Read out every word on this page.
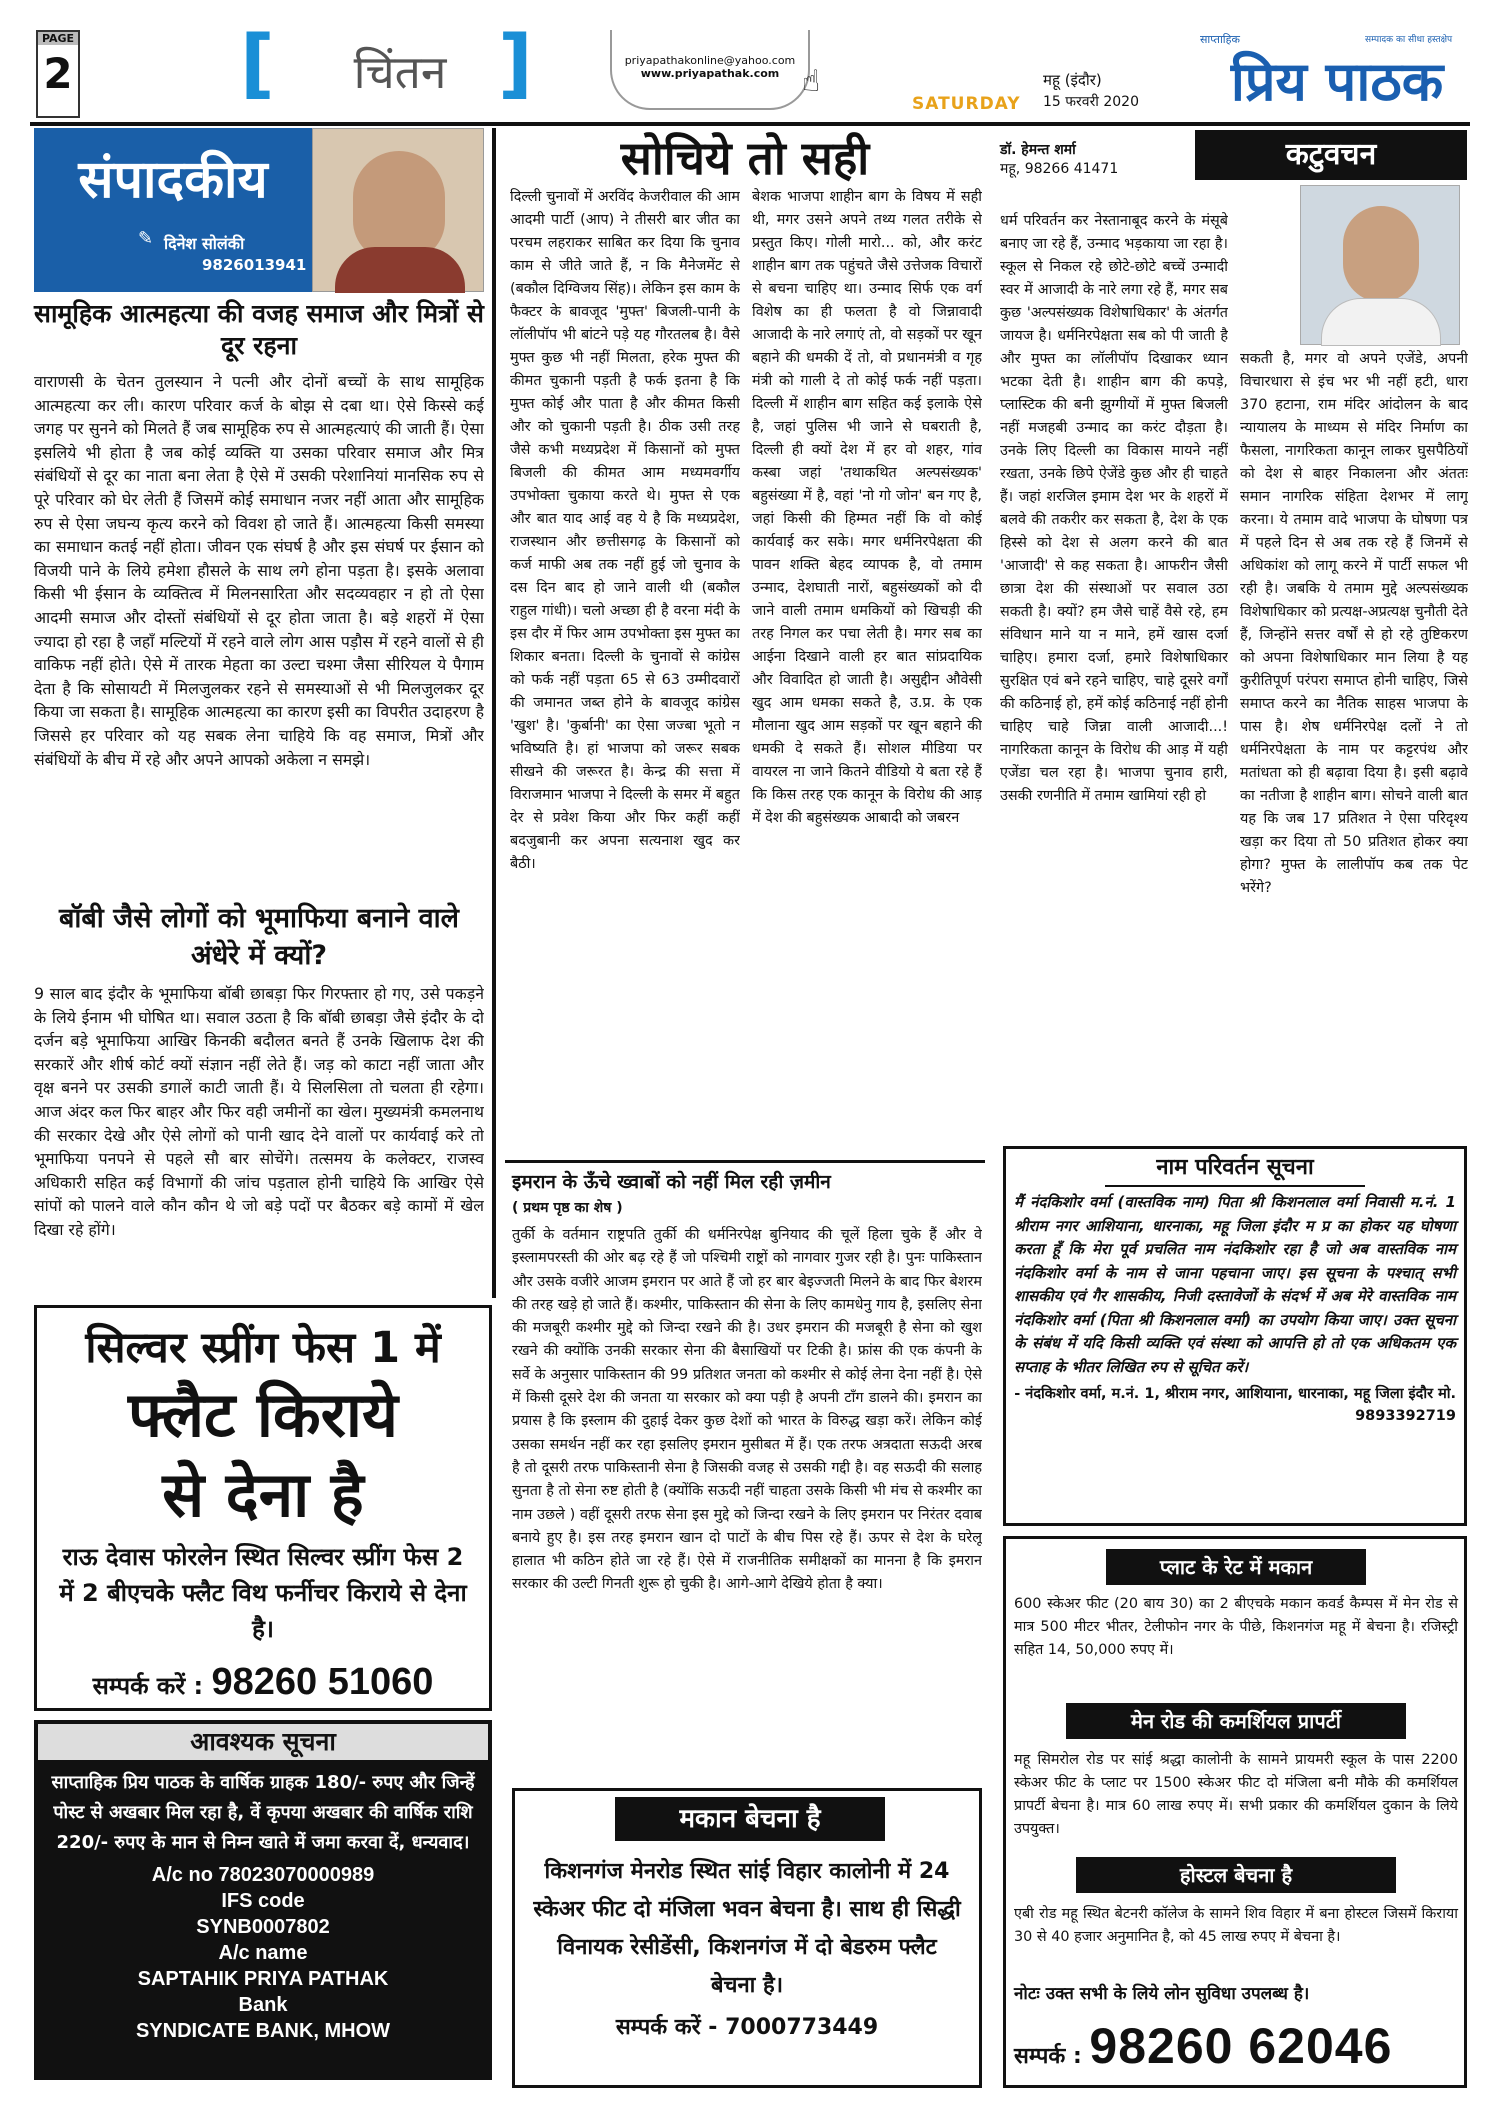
PAGE
2 [	चिंतन ]	priyapathakonline@yahoo.com
www.priyapathak.com ☝
SATURDAY
महू (इंदौर)
15 फरवरी 2020
साप्ताहिक
प्रिय पाठक
सम्पादक का सीधा हस्तक्षेप
संपादकीय
दिनेश सोलंकी
9826013941
✎
सामूहिक आत्महत्या की वजह समाज और मित्रों से दूर रहना
वाराणसी के चेतन तुलस्यान ने पत्नी और दोनों बच्चों के साथ सामूहिक आत्महत्या कर ली। कारण परिवार कर्ज के बोझ से दबा था। ऐसे किस्से कई जगह पर सुनने को मिलते हैं जब सामूहिक रुप से आत्महत्याएं की जाती हैं। ऐसा इसलिये भी होता है जब कोई व्यक्ति या उसका परिवार समाज और मित्र संबंधियों से दूर का नाता बना लेता है ऐसे में उसकी परेशानियां मानसिक रुप से पूरे परिवार को घेर लेती हैं जिसमें कोई समाधान नजर नहीं आता और सामूहिक रुप से ऐसा जघन्य कृत्य करने को विवश हो जाते हैं। आत्महत्या किसी समस्या का समाधान कतई नहीं होता। जीवन एक संघर्ष है और इस संघर्ष पर ईसान को विजयी पाने के लिये हमेशा हौसले के साथ लगे होना पड़ता है। इसके अलावा किसी भी ईसान के व्यक्तित्व में मिलनसारिता और सदव्यवहार न हो तो ऐसा आदमी समाज और दोस्तों संबंधियों से दूर होता जाता है। बड़े शहरों में ऐसा ज्यादा हो रहा है जहाँ मल्टियों में रहने वाले लोग आस पड़ौस में रहने वालों से ही वाकिफ नहीं होते। ऐसे में तारक मेहता का उल्टा चश्मा जैसा सीरियल ये पैगाम देता है कि सोसायटी में मिलजुलकर रहने से समस्याओं से भी मिलजुलकर दूर किया जा सकता है। सामूहिक आत्महत्या का कारण इसी का विपरीत उदाहरण है जिससे हर परिवार को यह सबक लेना चाहिये कि वह समाज, मित्रों और संबंधियों के बीच में रहे और अपने आपको अकेला न समझे।
बॉबी जैसे लोगों को भूमाफिया बनाने वाले अंधेरे में क्यों?
9 साल बाद इंदौर के भूमाफिया बॉबी छाबड़ा फिर गिरफ्तार हो गए, उसे पकड़ने के लिये ईनाम भी घोषित था। सवाल उठता है कि बॉबी छाबड़ा जैसे इंदौर के दो दर्जन बड़े भूमाफिया आखिर किनकी बदौलत बनते हैं उनके खिलाफ देश की सरकारें और शीर्ष कोर्ट क्यों संज्ञान नहीं लेते हैं। जड़ को काटा नहीं जाता और वृक्ष बनने पर उसकी डगालें काटी जाती हैं। ये सिलसिला तो चलता ही रहेगा। आज अंदर कल फिर बाहर और फिर वही जमीनों का खेल। मुख्यमंत्री कमलनाथ की सरकार देखे और ऐसे लोगों को पानी खाद देने वालों पर कार्यवाई करे तो भूमाफिया पनपने से पहले सौ बार सोचेंगे। तत्समय के कलेक्टर, राजस्व अधिकारी सहित कई विभागों की जांच पड़ताल होनी चाहिये कि आखिर ऐसे सांपों को पालने वाले कौन कौन थे जो बड़े पदों पर बैठकर बड़े कामों में खेल दिखा रहे होंगे।
सिल्वर स्प्रींग फेस 1 में
फ्लैट किराये
से देना है
राऊ देवास फोरलेन स्थित सिल्वर स्प्रींग फेस 2 में 2 बीएचके फ्लैट विथ फर्नीचर किराये से देना है।
सम्पर्क करें : 98260 51060
आवश्यक सूचना
साप्ताहिक प्रिय पाठक के वार्षिक ग्राहक 180/- रुपए और जिन्हें पोस्ट से अखबार मिल रहा है, वें कृपया अखबार की वार्षिक राशि 220/- रुपए के मान से निम्न खाते में जमा करवा दें, धन्यवाद।
A/c no 78023070000989
IFS code
SYNB0007802
A/c name
SAPTAHIK PRIYA PATHAK
Bank
SYNDICATE BANK, MHOW
सोचिये तो सही
दिल्ली चुनावों में अरविंद केजरीवाल की आम आदमी पार्टी (आप) ने तीसरी बार जीत का परचम लहराकर साबित कर दिया कि चुनाव काम से जीते जाते हैं, न कि मैनेजमेंट से (बकौल दिग्विजय सिंह)। लेकिन इस काम के फैक्टर के बावजूद 'मुफ्त' बिजली-पानी के लॉलीपॉप भी बांटने पड़े यह गौरतलब है। वैसे मुफ्त कुछ भी नहीं मिलता, हरेक मुफ्त की कीमत चुकानी पड़ती है फर्क इतना है कि मुफ्त कोई और पाता है और कीमत किसी और को चुकानी पड़ती है। ठीक उसी तरह जैसे कभी मध्यप्रदेश में किसानों को मुफ्त बिजली की कीमत आम मध्यमवर्गीय उपभोक्ता चुकाया करते थे। मुफ्त से एक और बात याद आई वह ये है कि मध्यप्रदेश, राजस्थान और छत्तीसगढ़ के किसानों को कर्ज माफी अब तक नहीं हुई जो चुनाव के दस दिन बाद हो जाने वाली थी (बकौल राहुल गांधी)। चलो अच्छा ही है वरना मंदी के इस दौर में फिर आम उपभोक्ता इस मुफ्त का शिकार बनता। दिल्ली के चुनावों से कांग्रेस को फर्क नहीं पड़ता 65 से 63 उम्मीदवारों की जमानत जब्त होने के बावजूद कांग्रेस 'खुश' है। 'कुर्बानी' का ऐसा जज्बा भूतो न भविष्यति है। हां भाजपा को जरूर सबक सीखने की जरूरत है। केन्द्र की सत्ता में विराजमान भाजपा ने दिल्ली के समर में बहुत देर से प्रवेश किया और फिर कहीं कहीं बदजुबानी कर अपना सत्यनाश खुद कर बैठी।
बेशक भाजपा शाहीन बाग के विषय में सही थी, मगर उसने अपने तथ्य गलत तरीके से प्रस्तुत किए। गोली मारो... को, और करंट शाहीन बाग तक पहुंचते जैसे उत्तेजक विचारों से बचना चाहिए था। उन्माद सिर्फ एक वर्ग विशेष का ही फलता है वो जिन्नावादी आजादी के नारे लगाएं तो, वो सड़कों पर खून बहाने की धमकी दें तो, वो प्रधानमंत्री व गृह मंत्री को गाली दे तो कोई फर्क नहीं पड़ता। दिल्ली में शाहीन बाग सहित कई इलाके ऐसे है, जहां पुलिस भी जाने से घबराती है, दिल्ली ही क्यों देश में हर वो शहर, गांव कस्बा जहां 'तथाकथित अल्पसंख्यक' बहुसंख्या में है, वहां 'नो गो जोन' बन गए है, जहां किसी की हिम्मत नहीं कि वो कोई कार्यवाई कर सके। मगर धर्मनिरपेक्षता की पावन शक्ति बेहद व्यापक है, वो तमाम उन्माद, देशघाती नारों, बहुसंख्यकों को दी जाने वाली तमाम धमकियों को खिचड़ी की तरह निगल कर पचा लेती है। मगर सब का आईना दिखाने वाली हर बात सांप्रदायिक और विवादित हो जाती है। असुद्दीन औवेसी खुद आम धमका सकते है, उ.प्र. के एक मौलाना खुद आम सड़कों पर खून बहाने की धमकी दे सकते हैं। सोशल मीडिया पर वायरल ना जाने कितने वीडियो ये बता रहे हैं कि किस तरह एक कानून के विरोध की आड़ में देश की बहुसंख्यक आबादी को जबरन
डॉ. हेमन्त शर्मा
महू, 98266 41471	कटुवचन
धर्म परिवर्तन कर नेस्तानाबूद करने के मंसूबे बनाए जा रहे हैं, उन्माद भड़काया जा रहा है। स्कूल से निकल रहे छोटे-छोटे बच्चें उन्मादी स्वर में आजादी के नारे लगा रहे हैं, मगर सब कुछ 'अल्पसंख्यक विशेषाधिकार' के अंतर्गत जायज है। धर्मनिरपेक्षता सब को पी जाती है और मुफ्त का लॉलीपॉप दिखाकर ध्यान भटका देती है। शाहीन बाग की कपड़े, प्लास्टिक की बनी झुग्गीयों में मुफ्त बिजली नहीं मजहबी उन्माद का करंट दौड़ता है। उनके लिए दिल्ली का विकास मायने नहीं रखता, उनके छिपे ऐजेंडे कुछ और ही चाहते हैं। जहां शरजिल इमाम देश भर के शहरों में बलवे की तकरीर कर सकता है, देश के एक हिस्से को देश से अलग करने की बात 'आजादी' से कह सकता है। आफरीन जैसी छात्रा देश की संस्थाओं पर सवाल उठा सकती है। क्यों? हम जैसे चाहें वैसे रहे, हम संविधान माने या न माने, हमें खास दर्जा चाहिए। हमारा दर्जा, हमारे विशेषाधिकार सुरक्षित एवं बने रहने चाहिए, चाहे दूसरे वर्गों की कठिनाई हो, हमें कोई कठिनाई नहीं होनी चाहिए चाहे जिन्ना वाली आजादी...! नागरिकता कानून के विरोध की आड़ में यही एजेंडा चल रहा है। भाजपा चुनाव हारी, उसकी रणनीति में तमाम खामियां रही हो
सकती है, मगर वो अपने एजेंडे, अपनी विचारधारा से इंच भर भी नहीं हटी, धारा 370 हटाना, राम मंदिर आंदोलन के बाद न्यायालय के माध्यम से मंदिर निर्माण का फैसला, नागरिकता कानून लाकर घुसपैठियों को देश से बाहर निकालना और अंततः समान नागरिक संहिता देशभर में लागू करना। ये तमाम वादे भाजपा के घोषणा पत्र में पहले दिन से अब तक रहे हैं जिनमें से अधिकांश को लागू करने में पार्टी सफल भी रही है। जबकि ये तमाम मुद्दे अल्पसंख्यक विशेषाधिकार को प्रत्यक्ष-अप्रत्यक्ष चुनौती देते हैं, जिन्होंने सत्तर वर्षों से हो रहे तुष्टिकरण को अपना विशेषाधिकार मान लिया है यह कुरीतिपूर्ण परंपरा समाप्त होनी चाहिए, जिसे समाप्त करने का नैतिक साहस भाजपा के पास है। शेष धर्मनिरपेक्ष दलों ने तो धर्मनिरपेक्षता के नाम पर कट्टरपंथ और मतांधता को ही बढ़ावा दिया है। इसी बढ़ावे का नतीजा है शाहीन बाग। सोचने वाली बात यह कि जब 17 प्रतिशत ने ऐसा परिदृश्य खड़ा कर दिया तो 50 प्रतिशत होकर क्या होगा? मुफ्त के लालीपॉप कब तक पेट भरेंगे?
इमरान के ऊँचे ख्वाबों को नहीं मिल रही ज़मीन
( प्रथम पृष्ठ का शेष )
तुर्की के वर्तमान राष्ट्रपति तुर्की की धर्मनिरपेक्ष बुनियाद की चूलें हिला चुके हैं और वे इस्लामपरस्ती की ओर बढ़ रहे हैं जो पश्चिमी राष्ट्रों को नागवार गुजर रही है। पुनः पाकिस्तान और उसके वजीरे आजम इमरान पर आते हैं जो हर बार बेइज्जती मिलने के बाद फिर बेशरम की तरह खड़े हो जाते हैं। कश्मीर, पाकिस्तान की सेना के लिए कामधेनु गाय है, इसलिए सेना की मजबूरी कश्मीर मुद्दे को जिन्दा रखने की है। उधर इमरान की मजबूरी है सेना को खुश रखने की क्योंकि उनकी सरकार सेना की बैसाखियों पर टिकी है। फ्रांस की एक कंपनी के सर्वे के अनुसार पाकिस्तान की 99 प्रतिशत जनता को कश्मीर से कोई लेना देना नहीं है। ऐसे में किसी दूसरे देश की जनता या सरकार को क्या पड़ी है अपनी टाँग डालने की। इमरान का प्रयास है कि इस्लाम की दुहाई देकर कुछ देशों को भारत के विरुद्ध खड़ा करें। लेकिन कोई उसका समर्थन नहीं कर रहा इसलिए इमरान मुसीबत में हैं। एक तरफ अत्रदाता सऊदी अरब है तो दूसरी तरफ पाकिस्तानी सेना है जिसकी वजह से उसकी गद्दी है। वह सऊदी की सलाह सुनता है तो सेना रुष्ट होती है (क्योंकि सऊदी नहीं चाहता उसके किसी भी मंच से कश्मीर का नाम उछले ) वहीं दूसरी तरफ सेना इस मुद्दे को जिन्दा रखने के लिए इमरान पर निरंतर दवाब बनाये हुए है। इस तरह इमरान खान दो पाटों के बीच पिस रहे हैं। ऊपर से देश के घरेलू हालात भी कठिन होते जा रहे हैं। ऐसे में राजनीतिक समीक्षकों का मानना है कि इमरान सरकार की उल्टी गिनती शुरू हो चुकी है। आगे-आगे देखिये होता है क्या।
मकान बेचना है
किशनगंज मेनरोड स्थित सांई विहार कालोनी में 24 स्केअर फीट दो मंजिला भवन बेचना है। साथ ही सिद्धी विनायक रेसीडेंसी, किशनगंज में दो बेडरुम फ्लैट बेचना है।
सम्पर्क करें - 7000773449
नाम परिवर्तन सूचना
मैं नंदकिशोर वर्मा (वास्तविक नाम) पिता श्री किशनलाल वर्मा निवासी म.नं. 1 श्रीराम नगर आशियाना, धारनाका, महू जिला इंदौर म प्र का होकर यह घोषणा करता हूँ कि मेरा पूर्व प्रचलित नाम नंदकिशोर रहा है जो अब वास्तविक नाम नंदकिशोर वर्मा के नाम से जाना पहचाना जाए। इस सूचना के पश्चात् सभी शासकीय एवं गैर शासकीय, निजी दस्तावेजों के संदर्भ में अब मेरे वास्तविक नाम नंदकिशोर वर्मा (पिता श्री किशनलाल वर्मा) का उपयोग किया जाए। उक्त सूचना के संबंध में यदि किसी व्यक्ति एवं संस्था को आपत्ति हो तो एक अधिकतम एक सप्ताह के भीतर लिखित रुप से सूचित करें।
- नंदकिशोर वर्मा, म.नं. 1, श्रीराम नगर, आशियाना, धारनाका, महू जिला इंदौर मो. 9893392719
प्लाट के रेट में मकान
600 स्केअर फीट (20 बाय 30) का 2 बीएचके मकान कवर्ड कैम्पस में मेन रोड से मात्र 500 मीटर भीतर, टेलीफोन नगर के पीछे, किशनगंज महू में बेचना है। रजिस्ट्री सहित 14, 50,000 रुपए में।
मेन रोड की कमर्शियल प्रापर्टी
महू सिमरोल रोड पर सांई श्रद्धा कालोनी के सामने प्रायमरी स्कूल के पास 2200 स्केअर फीट के प्लाट पर 1500 स्केअर फीट दो मंजिला बनी मौके की कमर्शियल प्रापर्टी बेचना है। मात्र 60 लाख रुपए में। सभी प्रकार की कमर्शियल दुकान के लिये उपयुक्त।
होस्टल बेचना है
एबी रोड महू स्थित बेटनरी कॉलेज के सामने शिव विहार में बना होस्टल जिसमें किराया 30 से 40 हजार अनुमानित है, को 45 लाख रुपए में बेचना है।
नोटः उक्त सभी के लिये लोन सुविधा उपलब्ध है।
सम्पर्क : 98260 62046
